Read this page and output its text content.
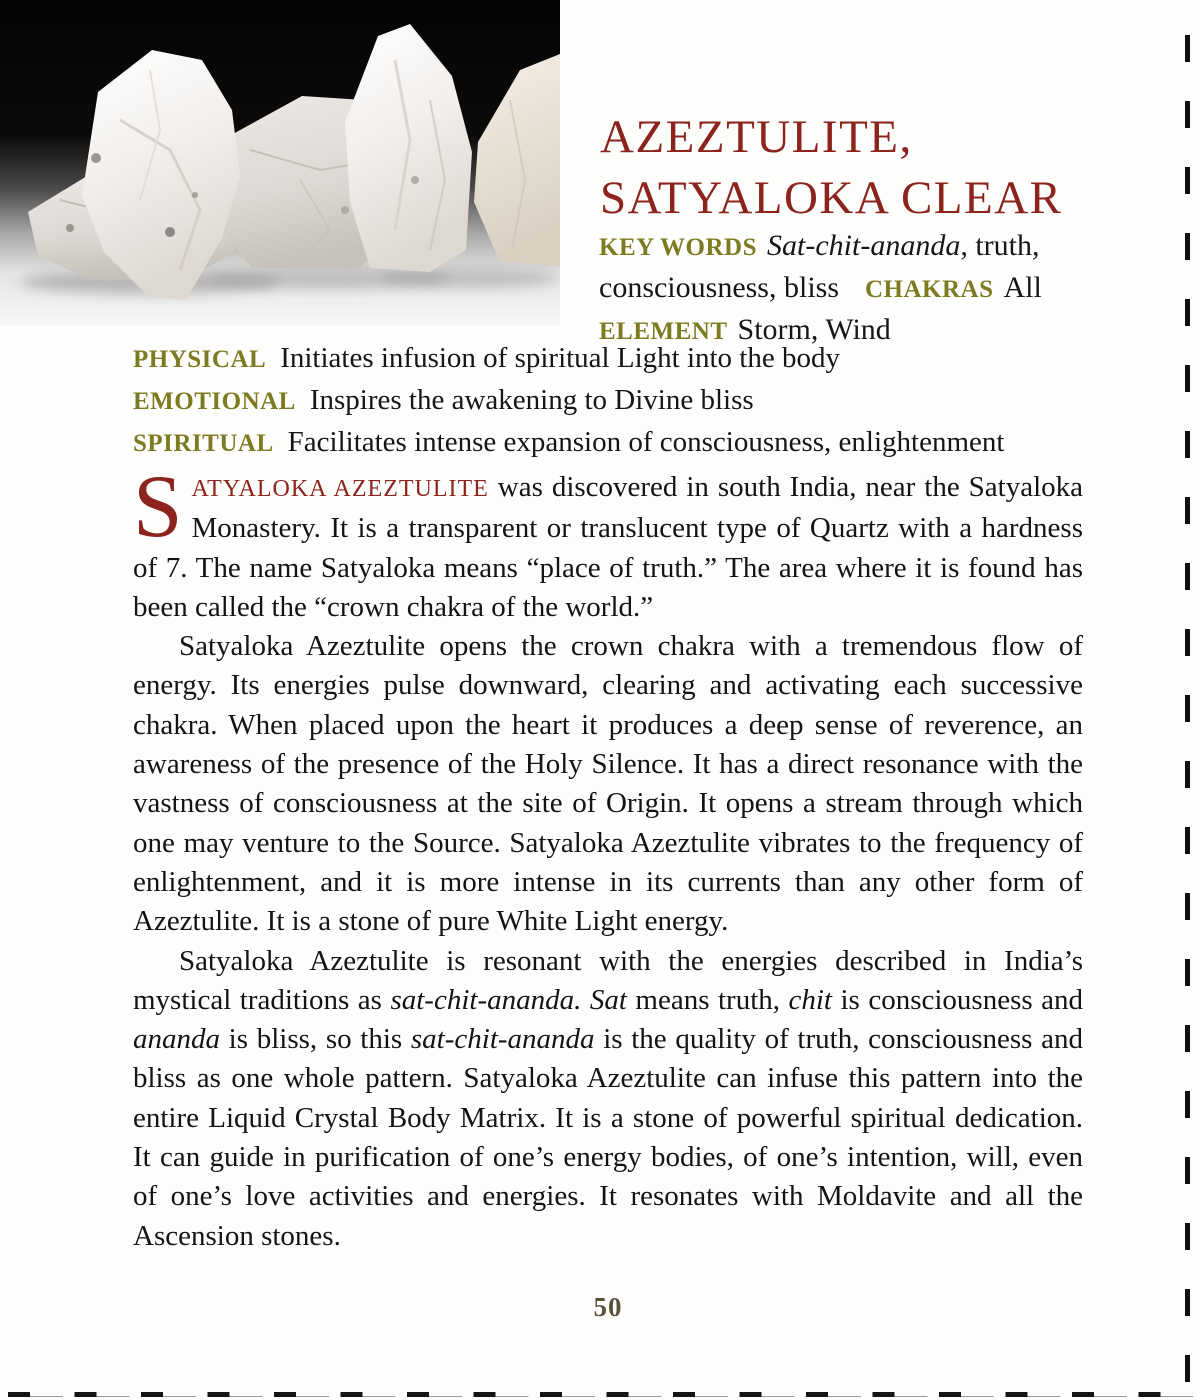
AZEZTULITE,
SATYALOKA CLEAR
KEY WORDS Sat-chit-ananda, truth, consciousness, bliss CHAKRAS All
ELEMENT Storm, Wind
PHYSICAL Initiates infusion of spiritual Light into the body
EMOTIONAL Inspires the awakening to Divine bliss
SPIRITUAL Facilitates intense expansion of consciousness, enlightenment

SATYALOKA AZEZTULITE was discovered in south India, near the Satyaloka Monastery. It is a transparent or translucent type of Quartz with a hardness of 7. The name Satyaloka means “place of truth.” The area where it is found has been called the “crown chakra of the world.”

Satyaloka Azeztulite opens the crown chakra with a tremendous flow of energy. Its energies pulse downward, clearing and activating each successive chakra. When placed upon the heart it produces a deep sense of reverence, an awareness of the presence of the Holy Silence. It has a direct resonance with the vastness of consciousness at the site of Origin. It opens a stream through which one may venture to the Source. Satyaloka Azeztulite vibrates to the frequency of enlightenment, and it is more intense in its currents than any other form of Azeztulite. It is a stone of pure White Light energy.

Satyaloka Azeztulite is resonant with the energies described in India’s mystical traditions as sat-chit-ananda. Sat means truth, chit is consciousness and ananda is bliss, so this sat-chit-ananda is the quality of truth, consciousness and bliss as one whole pattern. Satyaloka Azeztulite can infuse this pattern into the entire Liquid Crystal Body Matrix. It is a stone of powerful spiritual dedication. It can guide in purification of one’s energy bodies, of one’s intention, will, even of one’s love activities and energies. It resonates with Moldavite and all the Ascension stones.

50
